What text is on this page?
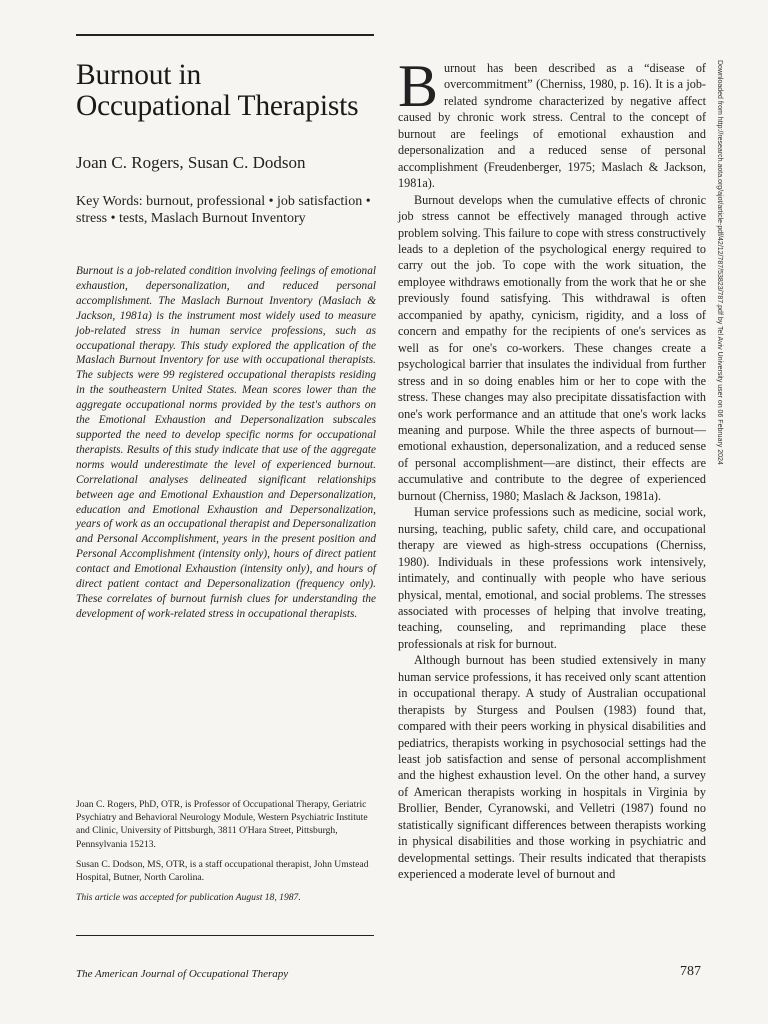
Burnout in
Occupational Therapists
Joan C. Rogers, Susan C. Dodson
Key Words: burnout, professional • job satisfaction • stress • tests, Maslach Burnout Inventory
Burnout is a job-related condition involving feelings of emotional exhaustion, depersonalization, and reduced personal accomplishment. The Maslach Burnout Inventory (Maslach & Jackson, 1981a) is the instrument most widely used to measure job-related stress in human service professions, such as occupational therapy. This study explored the application of the Maslach Burnout Inventory for use with occupational therapists. The subjects were 99 registered occupational therapists residing in the southeastern United States. Mean scores lower than the aggregate occupational norms provided by the test's authors on the Emotional Exhaustion and Depersonalization subscales supported the need to develop specific norms for occupational therapists. Results of this study indicate that use of the aggregate norms would underestimate the level of experienced burnout. Correlational analyses delineated significant relationships between age and Emotional Exhaustion and Depersonalization, education and Emotional Exhaustion and Depersonalization, years of work as an occupational therapist and Depersonalization and Personal Accomplishment, years in the present position and Personal Accomplishment (intensity only), hours of direct patient contact and Emotional Exhaustion (intensity only), and hours of direct patient contact and Depersonalization (frequency only). These correlates of burnout furnish clues for understanding the development of work-related stress in occupational therapists.

Joan C. Rogers, PhD, OTR, is Professor of Occupational Therapy, Geriatric Psychiatry and Behavioral Neurology Module, Western Psychiatric Institute and Clinic, University of Pittsburgh, 3811 O'Hara Street, Pittsburgh, Pennsylvania 15213.

Susan C. Dodson, MS, OTR, is a staff occupational therapist, John Umstead Hospital, Butner, North Carolina.

This article was accepted for publication August 18, 1987.

Burnout has been described as a “disease of overcommitment” (Cherniss, 1980, p. 16). It is a job-related syndrome characterized by negative affect caused by chronic work stress. Central to the concept of burnout are feelings of emotional exhaustion and depersonalization and a reduced sense of personal accomplishment (Freudenberger, 1975; Maslach & Jackson, 1981a).

Burnout develops when the cumulative effects of chronic job stress cannot be effectively managed through active problem solving. This failure to cope with stress constructively leads to a depletion of the psychological energy required to carry out the job. To cope with the work situation, the employee withdraws emotionally from the work that he or she previously found satisfying. This withdrawal is often accompanied by apathy, cynicism, rigidity, and a loss of concern and empathy for the recipients of one's services as well as for one's co-workers. These changes create a psychological barrier that insulates the individual from further stress and in so doing enables him or her to cope with the stress. These changes may also precipitate dissatisfaction with one's work performance and an attitude that one's work lacks meaning and purpose. While the three aspects of burnout—emotional exhaustion, depersonalization, and a reduced sense of personal accomplishment—are distinct, their effects are accumulative and contribute to the degree of experienced burnout (Cherniss, 1980; Maslach & Jackson, 1981a).

Human service professions such as medicine, social work, nursing, teaching, public safety, child care, and occupational therapy are viewed as high-stress occupations (Cherniss, 1980). Individuals in these professions work intensively, intimately, and continually with people who have serious physical, mental, emotional, and social problems. The stresses associated with processes of helping that involve treating, teaching, counseling, and reprimanding place these professionals at risk for burnout.

Although burnout has been studied extensively in many human service professions, it has received only scant attention in occupational therapy. A study of Australian occupational therapists by Sturgess and Poulsen (1983) found that, compared with their peers working in physical disabilities and pediatrics, therapists working in psychosocial settings had the least job satisfaction and sense of personal accomplishment and the highest exhaustion level. On the other hand, a survey of American therapists working in hospitals in Virginia by Brollier, Bender, Cyranowski, and Velletri (1987) found no statistically significant differences between therapists working in physical disabilities and those working in psychiatric and developmental settings. Their results indicated that therapists experienced a moderate level of burnout and

Downloaded from http://research.aota.org/ajot/article-pdf/42/12/787/53823/787.pdf by Tel Aviv University user on 06 February 2024
The American Journal of Occupational Therapy	787
